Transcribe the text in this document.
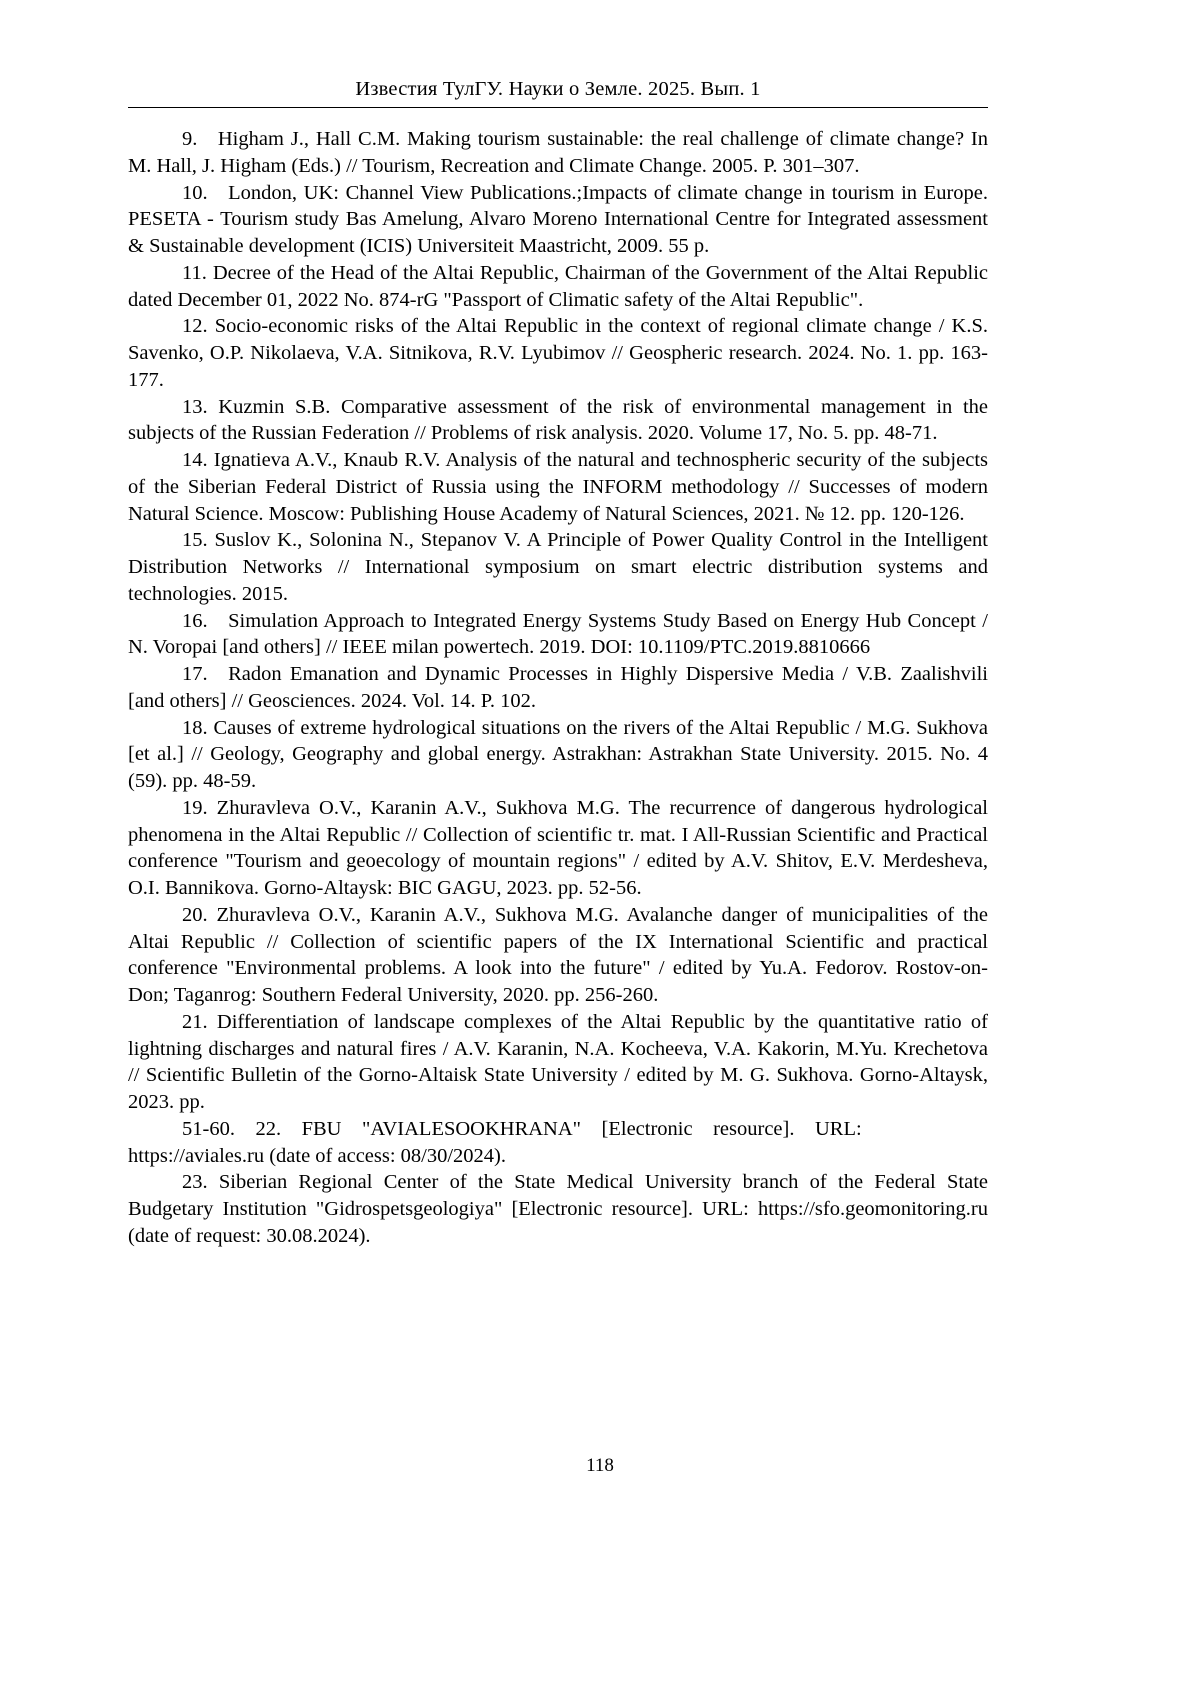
Известия ТулГУ. Науки о Земле. 2025. Вып. 1

9. Higham J., Hall C.M. Making tourism sustainable: the real challenge of climate change? In M. Hall, J. Higham (Eds.) // Tourism, Recreation and Climate Change. 2005. P. 301–307.

10. London, UK: Channel View Publications.;Impacts of climate change in tourism in Europe. PESETA - Tourism study Bas Amelung, Alvaro Moreno International Centre for Integrated assessment & Sustainable development (ICIS) Universiteit Maastricht, 2009. 55 p.

11. Decree of the Head of the Altai Republic, Chairman of the Government of the Altai Republic dated December 01, 2022 No. 874-rG "Passport of Climatic safety of the Altai Republic".

12. Socio-economic risks of the Altai Republic in the context of regional climate change / K.S. Savenko, O.P. Nikolaeva, V.A. Sitnikova, R.V. Lyubimov // Geospheric research. 2024. No. 1. pp. 163-177.

13. Kuzmin S.B. Comparative assessment of the risk of environmental management in the subjects of the Russian Federation // Problems of risk analysis. 2020. Volume 17, No. 5. pp. 48-71.

14. Ignatieva A.V., Knaub R.V. Analysis of the natural and technospheric security of the subjects of the Siberian Federal District of Russia using the INFORM methodology // Successes of modern Natural Science. Moscow: Publishing House Academy of Natural Sciences, 2021. № 12. pp. 120-126.

15. Suslov K., Solonina N., Stepanov V. A Principle of Power Quality Control in the Intelligent Distribution Networks // International symposium on smart electric distribution systems and technologies. 2015.

16. Simulation Approach to Integrated Energy Systems Study Based on Energy Hub Concept / N. Voropai [and others] // IEEE milan powertech. 2019. DOI: 10.1109/PTC.2019.8810666

17. Radon Emanation and Dynamic Processes in Highly Dispersive Media / V.B. Zaalishvili [and others] // Geosciences. 2024. Vol. 14. P. 102.

18. Causes of extreme hydrological situations on the rivers of the Altai Republic / M.G. Sukhova [et al.] // Geology, Geography and global energy. Astrakhan: Astrakhan State University. 2015. No. 4 (59). pp. 48-59.

19. Zhuravleva O.V., Karanin A.V., Sukhova M.G. The recurrence of dangerous hydrological phenomena in the Altai Republic // Collection of scientific tr. mat. I All-Russian Scientific and Practical conference "Tourism and geoecology of mountain regions" / edited by A.V. Shitov, E.V. Merdesheva, O.I. Bannikova. Gorno-Altaysk: BIC GAGU, 2023. pp. 52-56.

20. Zhuravleva O.V., Karanin A.V., Sukhova M.G. Avalanche danger of municipalities of the Altai Republic // Collection of scientific papers of the IX International Scientific and practical conference "Environmental problems. A look into the future" / edited by Yu.A. Fedorov. Rostov-on-Don; Taganrog: Southern Federal University, 2020. pp. 256-260.

21. Differentiation of landscape complexes of the Altai Republic by the quantitative ratio of lightning discharges and natural fires / A.V. Karanin, N.A. Kocheeva, V.A. Kakorin, M.Yu. Krechetova // Scientific Bulletin of the Gorno-Altaisk State University / edited by M. G. Sukhova. Gorno-Altaysk, 2023. pp.

51-60. 22. FBU "AVIALESOOKHRANA" [Electronic resource]. URL: https://aviales.ru (date of access: 08/30/2024).

23. Siberian Regional Center of the State Medical University branch of the Federal State Budgetary Institution "Gidrospetsgeologiya" [Electronic resource]. URL: https://sfo.geomonitoring.ru (date of request: 30.08.2024).

118
